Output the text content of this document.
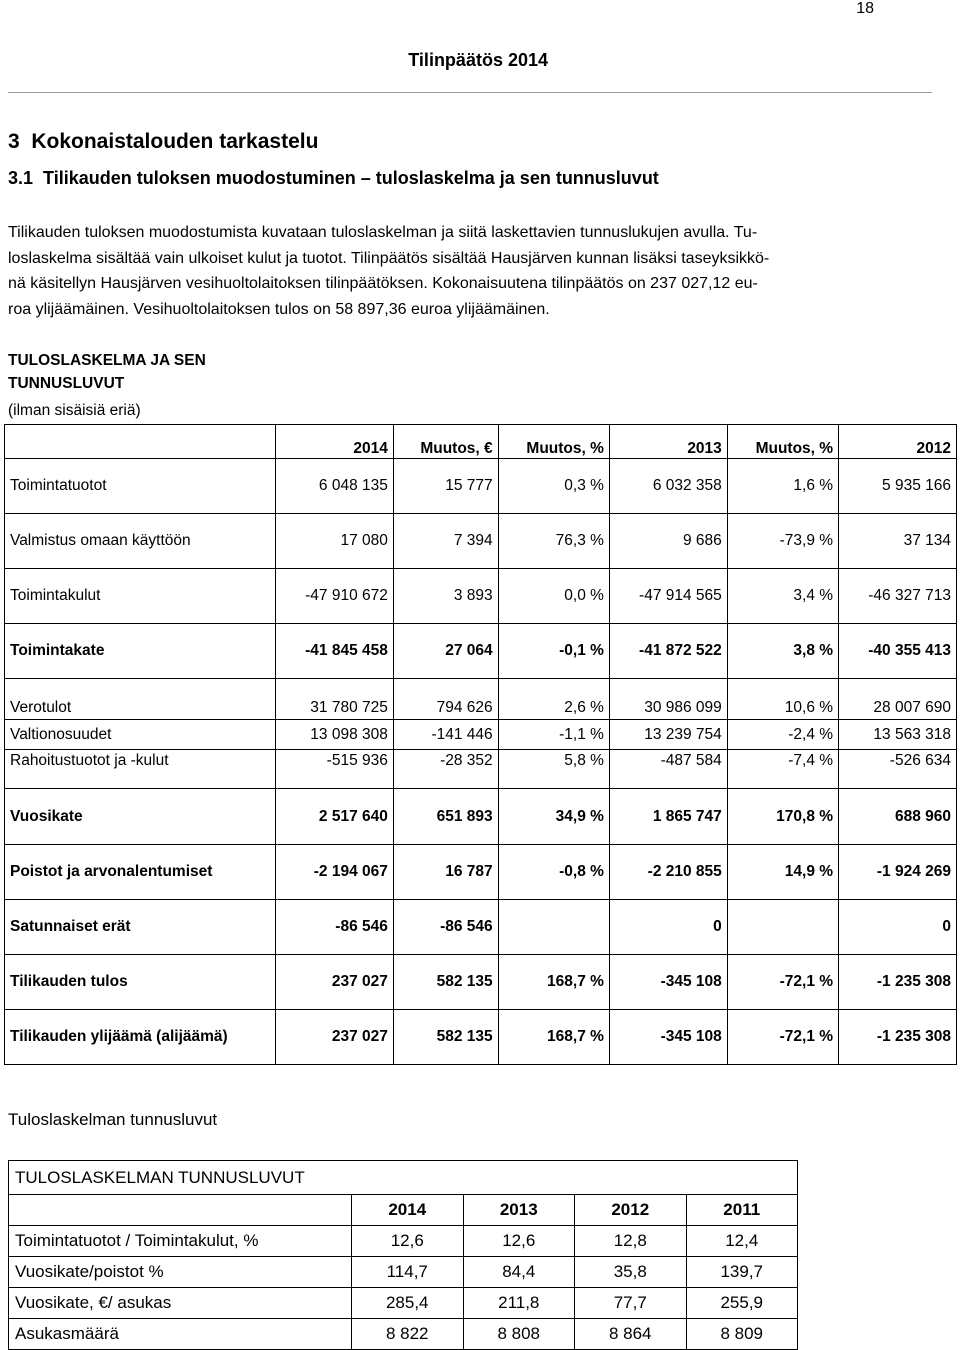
18
Tilinpäätös 2014
3  Kokonaistalouden tarkastelu
3.1  Tilikauden tuloksen muodostuminen – tuloslaskelma ja sen tunnusluvut

Tilikauden tuloksen muodostumista kuvataan tuloslaskelman ja siitä laskettavien tunnuslukujen avulla. Tu-

loslaskelma sisältää vain ulkoiset kulut ja tuotot. Tilinpäätös sisältää Hausjärven kunnan lisäksi taseyksikkö-

nä käsitellyn Hausjärven vesihuoltolaitoksen tilinpäätöksen. Kokonaisuutena tilinpäätös on 237 027,12 eu-

roa ylijäämäinen. Vesihuoltolaitoksen tulos on 58 897,36 euroa ylijäämäinen.

TULOSLASKELMA JA SEN
TUNNUSLUVUT
(ilman sisäisiä eriä)
	2014	Muutos, €	Muutos, %	2013	Muutos, %	2012
Toimintatuotot	6 048 135	15 777	0,3 %	6 032 358	1,6 %	5 935 166
Valmistus omaan käyttöön	17 080	7 394	76,3 %	9 686	-73,9 %	37 134
Toimintakulut	-47 910 672	3 893	0,0 %	-47 914 565	3,4 %	-46 327 713
Toimintakate	-41 845 458	27 064	-0,1 %	-41 872 522	3,8 %	-40 355 413
Verotulot	31 780 725	794 626	2,6 %	30 986 099	10,6 %	28 007 690
Valtionosuudet	13 098 308	-141 446	-1,1 %	13 239 754	-2,4 %	13 563 318
Rahoitustuotot ja -kulut	-515 936	-28 352	5,8 %	-487 584	-7,4 %	-526 634
Vuosikate	2 517 640	651 893	34,9 %	1 865 747	170,8 %	688 960
Poistot ja arvonalentumiset	-2 194 067	16 787	-0,8 %	-2 210 855	14,9 %	-1 924 269
Satunnaiset erät	-86 546	-86 546		0		0
Tilikauden tulos	237 027	582 135	168,7 %	-345 108	-72,1 %	-1 235 308
Tilikauden ylijäämä (alijäämä)	237 027	582 135	168,7 %	-345 108	-72,1 %	-1 235 308
Tuloslaskelman tunnusluvut
TULOSLASKELMAN TUNNUSLUVUT				
	2014	2013	2012	2011
Toimintatuotot / Toimintakulut, %	12,6	12,6	12,8	12,4
Vuosikate/poistot %	114,7	84,4	35,8	139,7
Vuosikate, €/ asukas	285,4	211,8	77,7	255,9
Asukasmäärä	8 822	8 808	8 864	8 809
